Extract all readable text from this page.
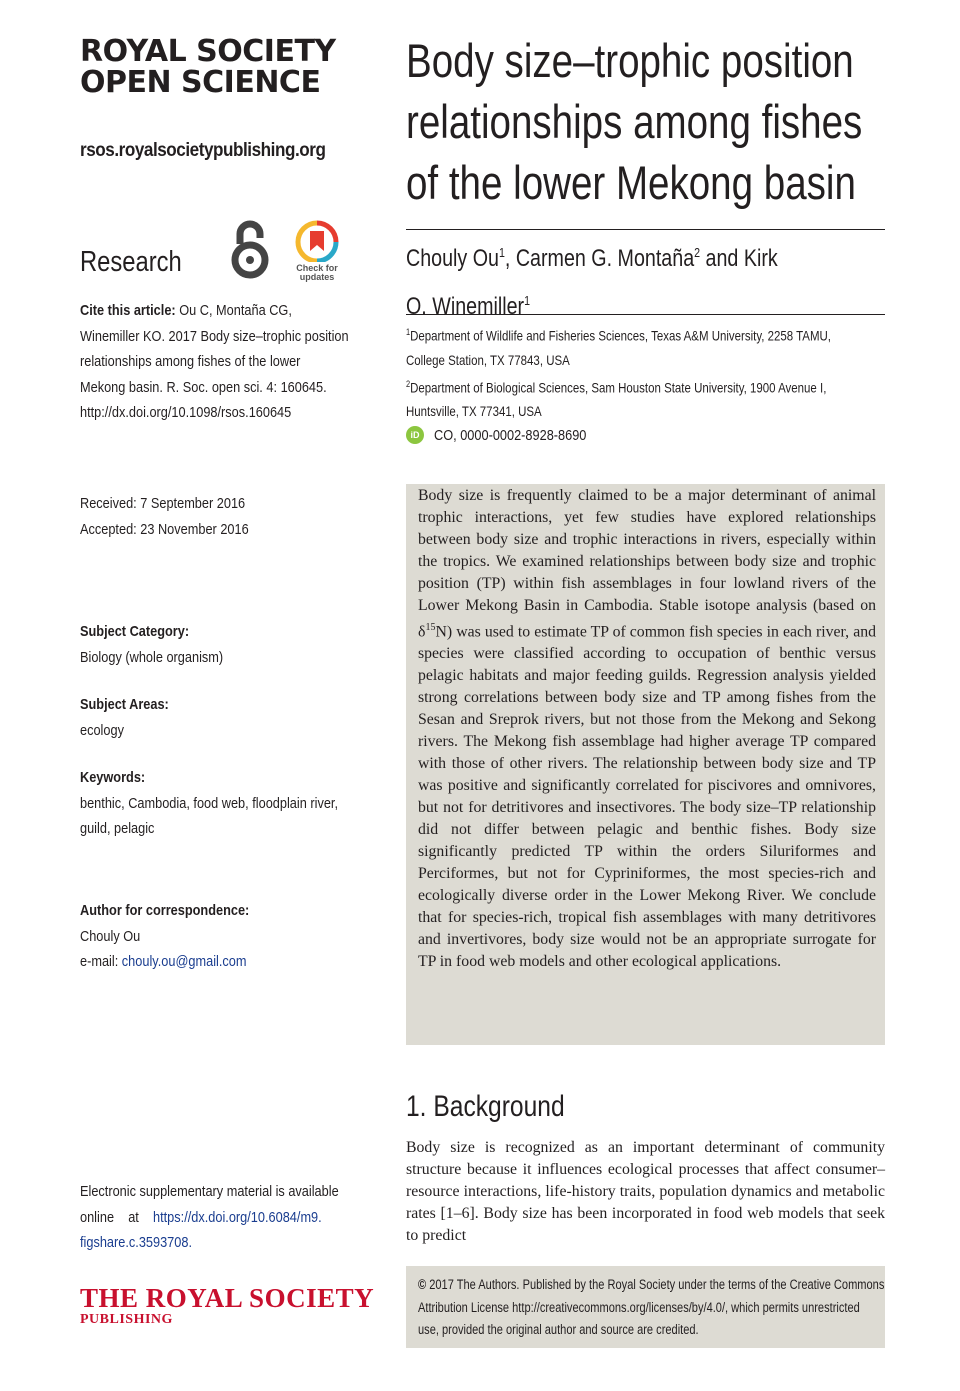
ROYAL SOCIETY
OPEN SCIENCE
rsos.royalsocietypublishing.org
Research	Check for updates
Cite this article: Ou C, Montaña CG,
Winemiller KO. 2017 Body size–trophic position
relationships among fishes of the lower
Mekong basin. R. Soc. open sci. 4: 160645.
http://dx.doi.org/10.1098/rsos.160645
Received: 7 September 2016
Accepted: 23 November 2016
Subject Category:
Biology (whole organism)
Subject Areas:
ecology
Keywords:
benthic, Cambodia, food web, floodplain river,
guild, pelagic
Author for correspondence:
Chouly Ou
e-mail: chouly.ou@gmail.com
Electronic supplementary material is available
online    at    https://dx.doi.org/10.6084/m9.
figshare.c.3593708.
THE ROYAL SOCIETY
PUBLISHING
Body size–trophic position
relationships among fishes
of the lower Mekong basin
Chouly Ou$^1$, Carmen G. Montaña$^2$ and Kirk
O. Winemiller$^1$
$^1$Department of Wildlife and Fisheries Sciences, Texas A&M University, 2258 TAMU,
College Station, TX 77843, USA
$^2$Department of Biological Sciences, Sam Houston State University, 1900 Avenue I,
Huntsville, TX 77341, USA
iD CO, 0000-0002-8928-8690
Body size is frequently claimed to be a major determinant of animal trophic interactions, yet few studies have explored relationships between body size and trophic interactions in rivers, especially within the tropics. We examined relationships between body size and trophic position (TP) within fish assemblages in four lowland rivers of the Lower Mekong Basin in Cambodia. Stable isotope analysis (based on $\delta^{15}N$) was used to estimate TP of common fish species in each river, and species were classified according to occupation of benthic versus pelagic habitats and major feeding guilds. Regression analysis yielded strong correlations between body size and TP among fishes from the Sesan and Sreprok rivers, but not those from the Mekong and Sekong rivers. The Mekong fish assemblage had higher average TP compared with those of other rivers. The relationship between body size and TP was positive and significantly correlated for piscivores and omnivores, but not for detritivores and insectivores. The body size–TP relationship did not differ between pelagic and benthic fishes. Body size significantly predicted TP within the orders Siluriformes and Perciformes, but not for Cypriniformes, the most species-rich and ecologically diverse order in the Lower Mekong River. We conclude that for species-rich, tropical fish assemblages with many detritivores and invertivores, body size would not be an appropriate surrogate for TP in food web models and other ecological applications.
1. Background
Body size is recognized as an important determinant of community structure because it influences ecological processes that affect consumer–resource interactions, life-history traits, population dynamics and metabolic rates [1–6]. Body size has been incorporated in food web models that seek to predict
© 2017 The Authors. Published by the Royal Society under the terms of the Creative Commons
Attribution License http://creativecommons.org/licenses/by/4.0/, which permits unrestricted
use, provided the original author and source are credited.
